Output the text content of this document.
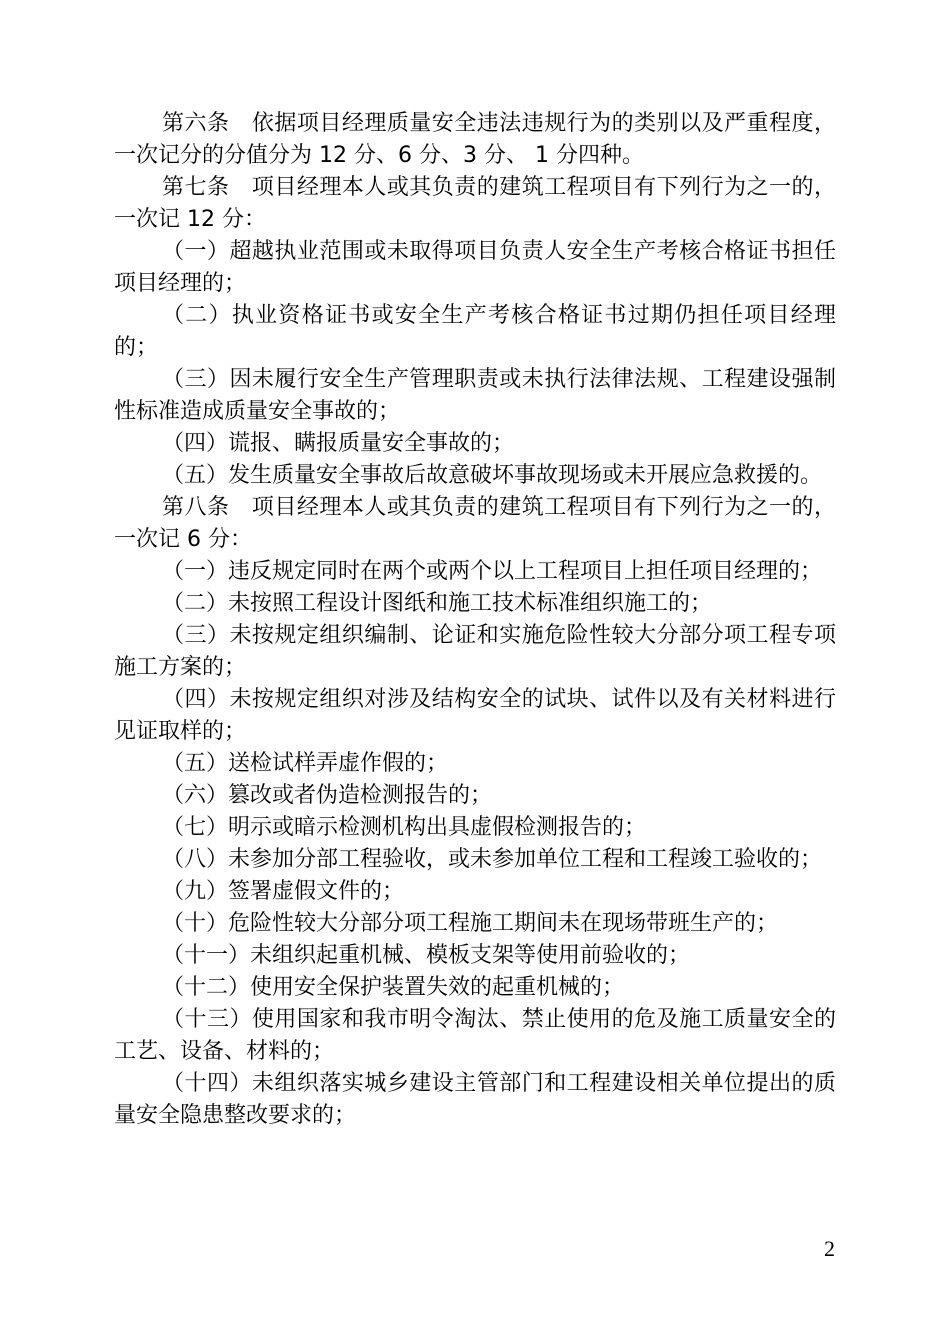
第六条　依据项目经理质量安全违法违规行为的类别以及严重程度，一次记分的分值分为 12 分、6 分、3 分、 1 分四种。

第七条　项目经理本人或其负责的建筑工程项目有下列行为之一的，一次记 12 分：

（一）超越执业范围或未取得项目负责人安全生产考核合格证书担任项目经理的；

（二）执业资格证书或安全生产考核合格证书过期仍担任项目经理的；

（三）因未履行安全生产管理职责或未执行法律法规、工程建设强制性标准造成质量安全事故的；

（四）谎报、瞒报质量安全事故的；

（五）发生质量安全事故后故意破坏事故现场或未开展应急救援的。

第八条　项目经理本人或其负责的建筑工程项目有下列行为之一的，一次记 6 分：

（一）违反规定同时在两个或两个以上工程项目上担任项目经理的；

（二）未按照工程设计图纸和施工技术标准组织施工的；

（三）未按规定组织编制、论证和实施危险性较大分部分项工程专项施工方案的；

（四）未按规定组织对涉及结构安全的试块、试件以及有关材料进行见证取样的；

（五）送检试样弄虚作假的；

（六）篡改或者伪造检测报告的；

（七）明示或暗示检测机构出具虚假检测报告的；

（八）未参加分部工程验收，或未参加单位工程和工程竣工验收的；

（九）签署虚假文件的；

（十）危险性较大分部分项工程施工期间未在现场带班生产的；

（十一）未组织起重机械、模板支架等使用前验收的；

（十二）使用安全保护装置失效的起重机械的；

（十三）使用国家和我市明令淘汰、禁止使用的危及施工质量安全的工艺、设备、材料的；

（十四）未组织落实城乡建设主管部门和工程建设相关单位提出的质量安全隐患整改要求的；

2
